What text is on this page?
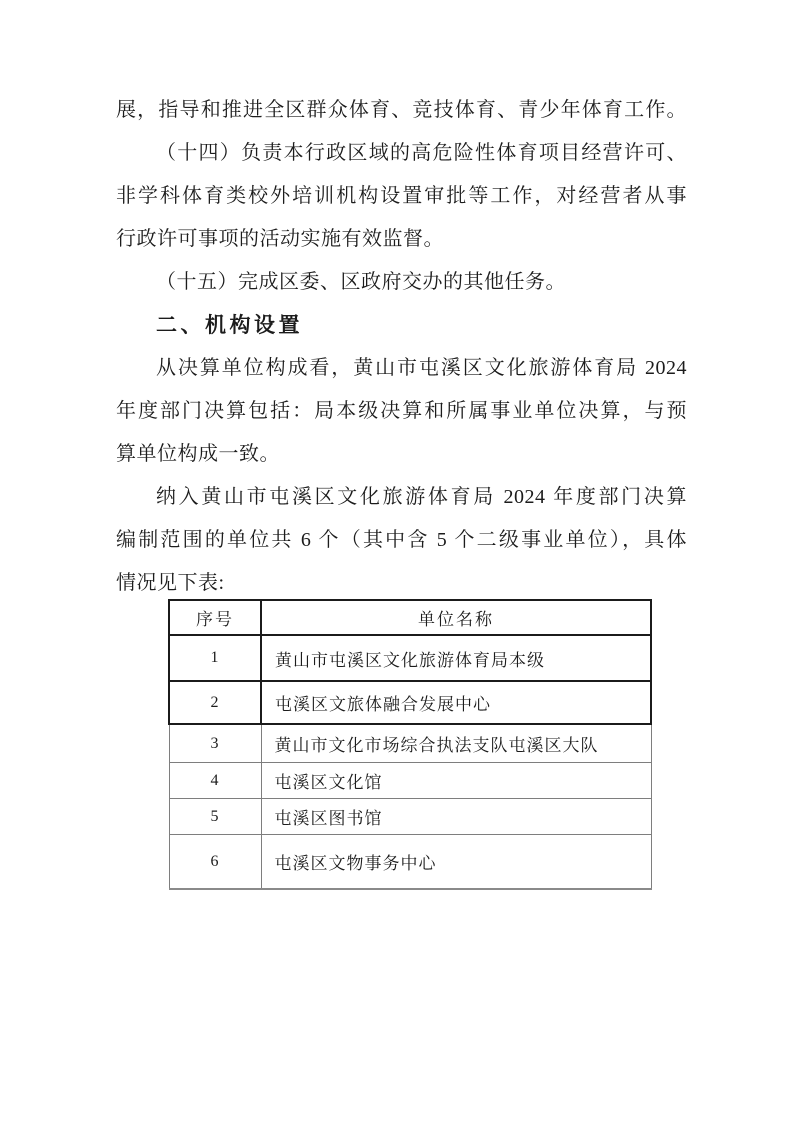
展，指导和推进全区群众体育、竞技体育、青少年体育工作。
（十四）负责本行政区域的高危险性体育项目经营许可、
非学科体育类校外培训机构设置审批等工作，对经营者从事
行政许可事项的活动实施有效监督。
（十五）完成区委、区政府交办的其他任务。
二、机构设置
从决算单位构成看，黄山市屯溪区文化旅游体育局 2024
年度部门决算包括：局本级决算和所属事业单位决算，与预
算单位构成一致。
纳入黄山市屯溪区文化旅游体育局 2024 年度部门决算
编制范围的单位共 6 个（其中含 5 个二级事业单位），具体
情况见下表:
序号	单位名称
1	黄山市屯溪区文化旅游体育局本级
2	屯溪区文旅体融合发展中心
3	黄山市文化市场综合执法支队屯溪区大队
4	屯溪区文化馆
5	屯溪区图书馆
6	屯溪区文物事务中心
